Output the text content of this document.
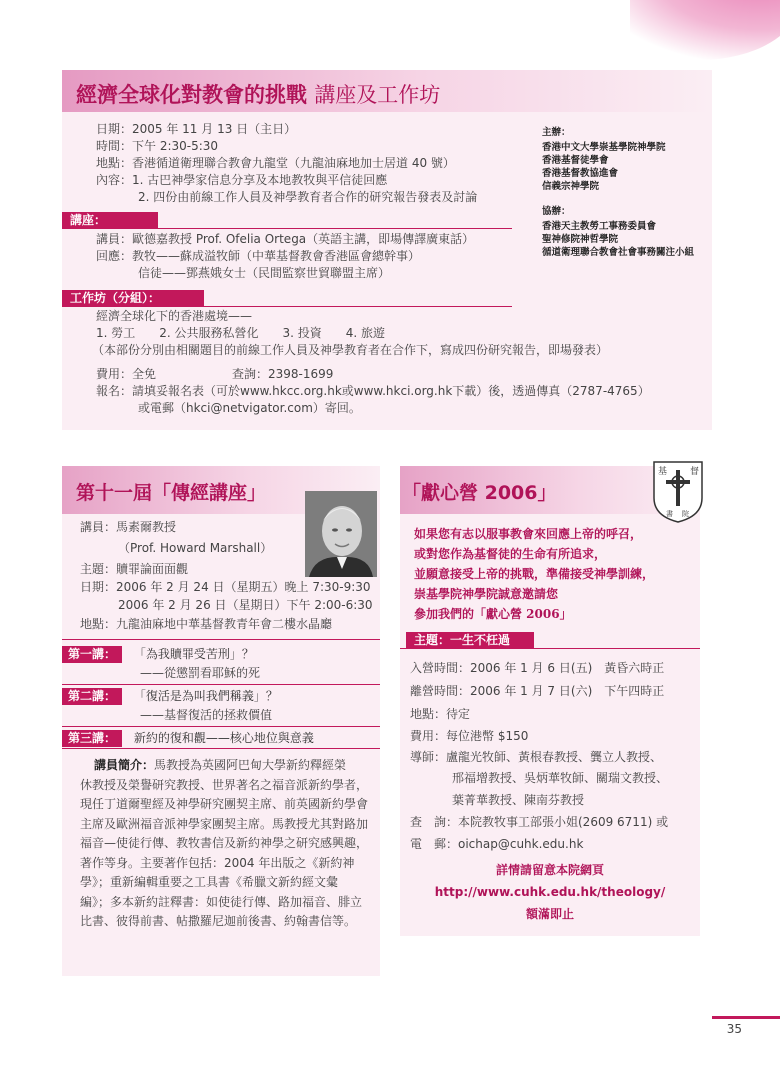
經濟全球化對教會的挑戰 講座及工作坊
日期：2005 年 11 月 13 日（主日）
時間：下午 2:30-5:30
地點：香港循道衛理聯合教會九龍堂（九龍油麻地加士居道 40 號）
內容：1. 古巴神學家信息分享及本地教牧與平信徒回應
2. 四份由前線工作人員及神學教育者合作的研究報告發表及討論
講座：
講員：歐德嘉教授 Prof. Ofelia Ortega（英語主講，即場傳譯廣東話）
回應：教牧——蘇成溢牧師（中華基督教會香港區會總幹事）
信徒——鄧燕娥女士（民間監察世貿聯盟主席）
工作坊（分組）：
經濟全球化下的香港處境——
1. 勞工　　2. 公共服務私營化　　3. 投資　　4. 旅遊
（本部份分別由相關題目的前線工作人員及神學教育者在合作下，寫成四份研究報告，即場發表）
費用：全免	查詢：2398-1699
報名：請填妥報名表（可於www.hkcc.org.hk或www.hkci.org.hk下載）後，透過傳真（2787-4765）
或電郵（hkci@netvigator.com）寄回。
主辦：
香港中文大學崇基學院神學院
香港基督徒學會
香港基督教協進會
信義宗神學院
協辦：
香港天主教勞工事務委員會
聖神修院神哲學院
循道衛理聯合教會社會事務關注小組
第十一屆「傳經講座」
講員：馬素爾教授
（Prof. Howard Marshall）
主題：贖罪論面面觀
日期：2006 年 2 月 24 日（星期五）晚上 7:30-9:30
2006 年 2 月 26 日（星期日）下午 2:00-6:30
地點：九龍油麻地中華基督教青年會二樓水晶廳
第一講： 「為我贖罪受苦刑」？
——從懲罰看耶穌的死
第二講： 「復活是為叫我們稱義」？
——基督復活的拯救價值
第三講： 新約的復和觀——核心地位與意義
講員簡介：馬教授為英國阿巴甸大學新約釋經榮
休教授及榮譽研究教授、世界著名之福音派新約學者，
現任丁道爾聖經及神學研究團契主席、前英國新約學會
主席及歐洲福音派神學家團契主席。馬教授尤其對路加
福音—使徒行傳、教牧書信及新約神學之研究感興趣，
著作等身。主要著作包括：2004 年出版之《新約神
學》；重新編輯重要之工具書《希臘文新約經文彙
編》；多本新約註釋書：如使徒行傳、路加福音、腓立
比書、彼得前書、帖撒羅尼迦前後書、約翰書信等。
「獻心營 2006」
基	督
書 院
如果您有志以服事教會來回應上帝的呼召，
或對您作為基督徒的生命有所追求，
並願意接受上帝的挑戰，準備接受神學訓練，
崇基學院神學院誠意邀請您
參加我們的「獻心營 2006」
主題：一生不枉過
入營時間：2006 年 1 月 6 日(五)　黃昏六時正
離營時間：2006 年 1 月 7 日(六)　下午四時正
地點：待定
費用：每位港幣 $150
導師：盧龍光牧師、黃根春教授、龔立人教授、
邢福增教授、吳炳華牧師、關瑞文教授、
葉菁華教授、陳南芬教授
查　詢：本院教牧事工部張小姐(2609 6711) 或
電　郵：oichap@cuhk.edu.hk
詳情請留意本院網頁
http://www.cuhk.edu.hk/theology/
額滿即止
35
